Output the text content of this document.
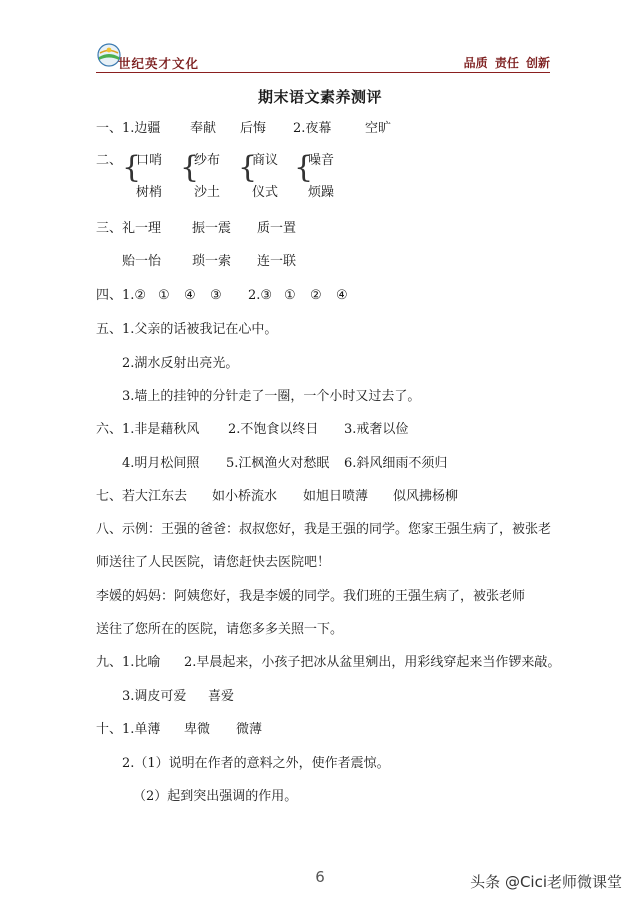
世纪英才文化	品质 责任 创新
期末语文素养测评
一、1.边疆 奉献 后悔 2.夜幕	空旷
二、 {
口哨
树梢
{
纱布
沙土
{
商议
仪式
{
噪音
烦躁
三、礼一理 振一震 质一置
贻一怡 琐一索 连一联
四、1.② ① ④ ③ 2.③ ① ② ④
五、1.父亲的话被我记在心中。
2.湖水反射出亮光。
3.墙上的挂钟的分针走了一圈，一个小时又过去了。
六、1.非是藉秋风 2.不饱食以终日 3.戒奢以俭
4.明月松间照 5.江枫渔火对愁眠 6.斜风细雨不须归
七、若大江东去 如小桥流水 如旭日喷薄 似风拂杨柳
八、示例：王强的爸爸：叔叔您好，我是王强的同学。您家王强生病了，被张老
师送往了人民医院，请您赶快去医院吧！
李媛的妈妈：阿姨您好，我是李媛的同学。我们班的王强生病了，被张老师
送往了您所在的医院，请您多多关照一下。
九、1.比喻 2.早晨起来，小孩子把冰从盆里剜出，用彩线穿起来当作锣来敲。
3.调皮可爱 喜爱
十、1.单薄 卑微 微薄
2.（1）说明在作者的意料之外，使作者震惊。
（2）起到突出强调的作用。
6	头条 @Cici老师微课堂
